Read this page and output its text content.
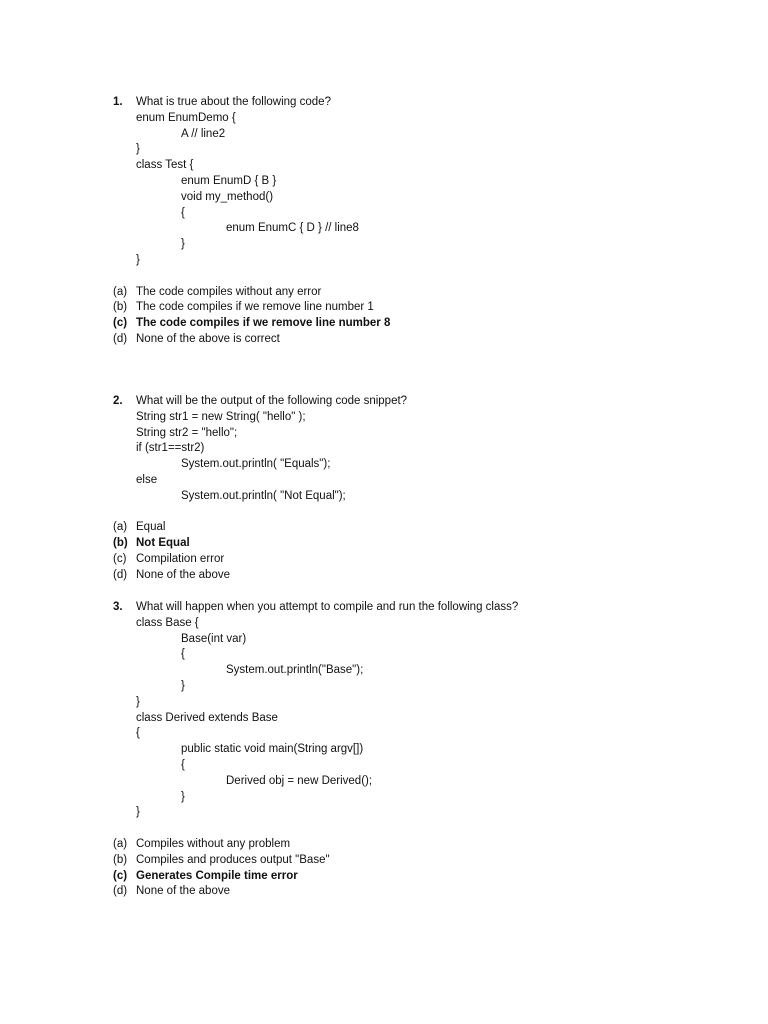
1. What is true about the following code?
enum EnumDemo {
A // line2
}
class Test {
enum EnumD { B }
void my_method()
{
enum EnumC { D } // line8
}
}
(a) The code compiles without any error
(b) The code compiles if we remove line number 1
(c) The code compiles if we remove line number 8
(d) None of the above is correct
2. What will be the output of the following code snippet?
String str1 = new String( "hello" );
String str2 = "hello";
if (str1==str2)
System.out.println( "Equals");
else
System.out.println( "Not Equal");
(a) Equal
(b) Not Equal
(c) Compilation error
(d) None of the above
3. What will happen when you attempt to compile and run the following class?
class Base {
Base(int var)
{
System.out.println("Base");
}
}
class Derived extends Base
{
public static void main(String argv[])
{
Derived obj = new Derived();
}
}
(a) Compiles without any problem
(b) Compiles and produces output "Base"
(c) Generates Compile time error
(d) None of the above
